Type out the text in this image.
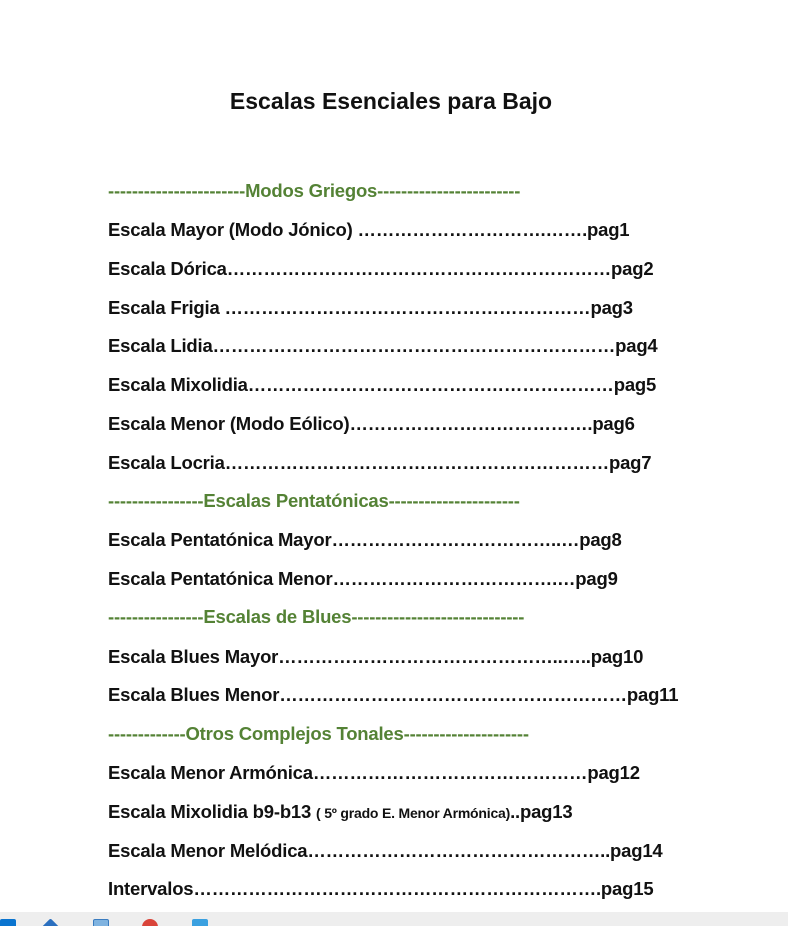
Escalas Esenciales para Bajo
-----------------------Modos Griegos------------------------
Escala Mayor (Modo Jónico) ………………………….…….pag1
Escala Dórica………………………………………………………pag2
Escala Frigia ……………………………………………………pag3
Escala Lidia…………………………………………………………pag4
Escala Mixolidia……………………………………………………pag5
Escala Menor (Modo Eólico)………………………………….pag6
Escala Locria………………………………………………………pag7
----------------Escalas Pentatónicas----------------------
Escala Pentatónica Mayor………………………………..…pag8
Escala Pentatónica Menor……………………………….…pag9
----------------Escalas de Blues-----------------------------
Escala Blues Mayor………………………………………..…..pag10
Escala Blues Menor…………………………………………………pag11
-------------Otros Complejos Tonales---------------------
Escala Menor Armónica………………………………………pag12
Escala Mixolidia b9-b13 ( 5º grado E. Menor Armónica)..pag13
Escala Menor Melódica…………………………………………..pag14
Intervalos………………………………………………………….pag15
